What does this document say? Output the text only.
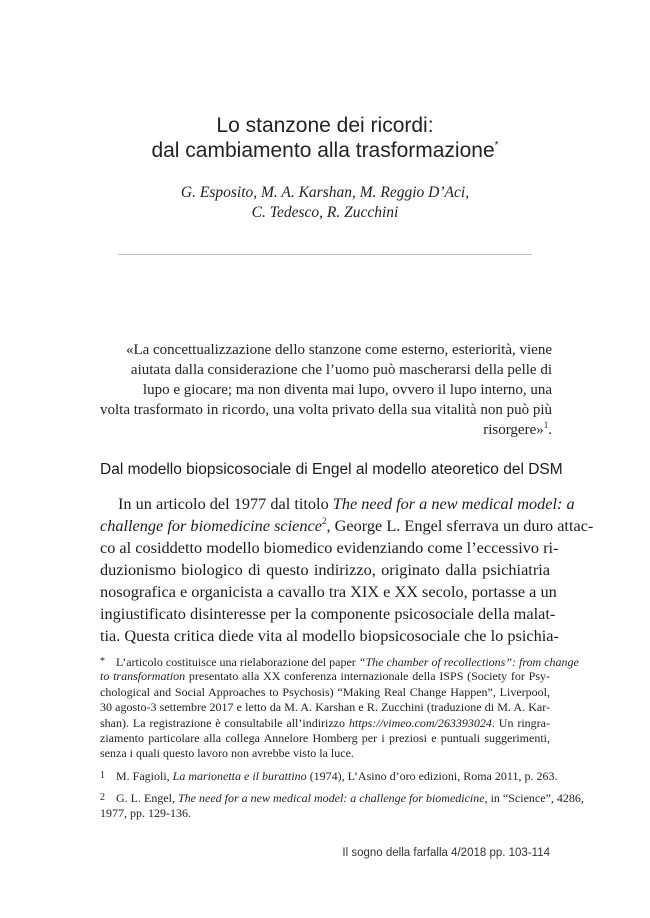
Lo stanzone dei ricordi:
dal cambiamento alla trasformazione*
G. Esposito, M. A. Karshan, M. Reggio D’Aci,
C. Tedesco, R. Zucchini
«La concettualizzazione dello stanzone come esterno, esteriorità, viene
aiutata dalla considerazione che l’uomo può mascherarsi della pelle di
lupo e giocare; ma non diventa mai lupo, ovvero il lupo interno, una
volta trasformato in ricordo, una volta privato della sua vitalità non può più
risorgere»$^1$.
Dal modello biopsicosociale di Engel al modello ateoretico del DSM
In un articolo del 1977 dal titolo The need for a new medical model: a
challenge for biomedicine science$^2$, George L. Engel sferrava un duro attac-
co al cosiddetto modello biomedico evidenziando come l’eccessivo ri-
duzionismo biologico di questo indirizzo, originato dalla psichiatria
nosografica e organicista a cavallo tra XIX e XX secolo, portasse a un
ingiustificato disinteresse per la componente psicosociale della malat-
tia. Questa critica diede vita al modello biopsicosociale che lo psichia-
* L’articolo costituisce una rielaborazione del paper “The chamber of recollections”: from change
to transformation presentato alla XX conferenza internazionale della ISPS (Society for Psy-
chological and Social Approaches to Psychosis) “Making Real Change Happen”, Liverpool,
30 agosto-3 settembre 2017 e letto da M. A. Karshan e R. Zucchini (traduzione di M. A. Kar-
shan). La registrazione è consultabile all’indirizzo https://vimeo.com/263393024. Un ringra-
ziamento particolare alla collega Annelore Homberg per i preziosi e puntuali suggerimenti,
senza i quali questo lavoro non avrebbe visto la luce.
1 M. Fagioli, La marionetta e il burattino (1974), L’Asino d’oro edizioni, Roma 2011, p. 263.
2 G. L. Engel, The need for a new medical model: a challenge for biomedicine, in “Science”, 4286,
1977, pp. 129-136.
Il sogno della farfalla 4/2018 pp. 103-114
